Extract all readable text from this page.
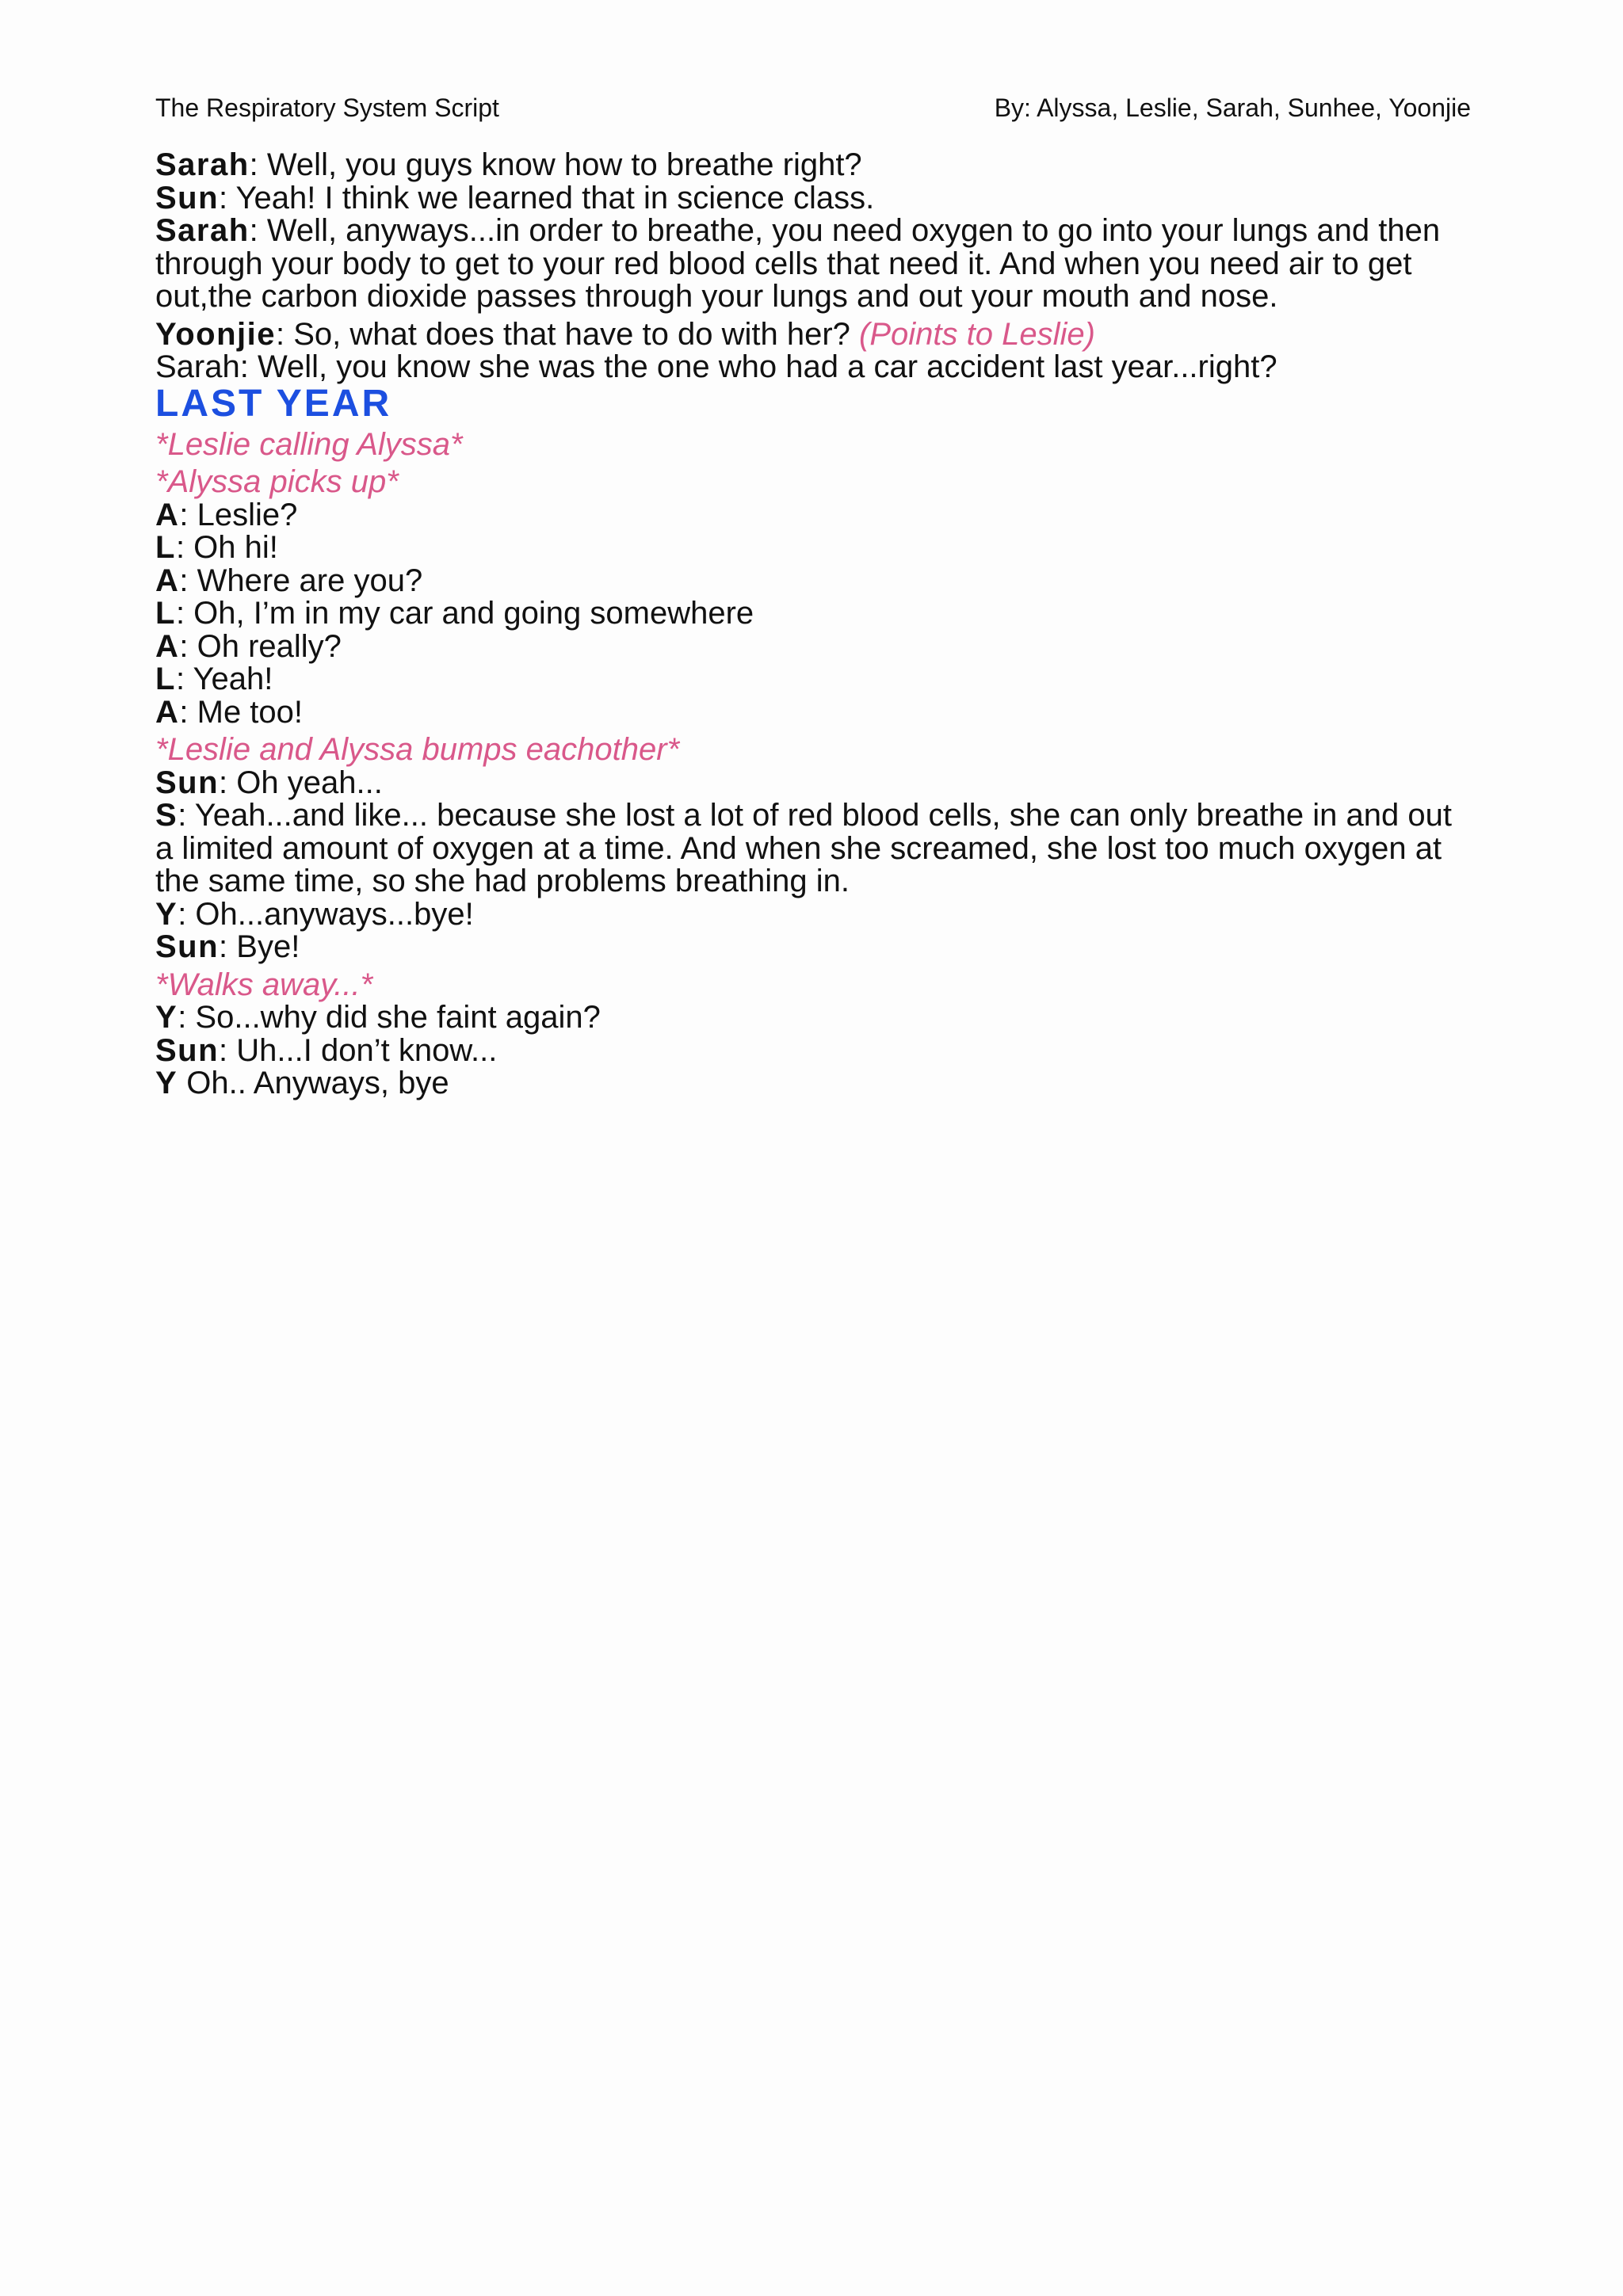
The Respiratory System Script	By: Alyssa, Leslie, Sarah, Sunhee, Yoonjie

Sarah: Well, you guys know how to breathe right?

Sun: Yeah! I think we learned that in science class.

Sarah: Well, anyways...in order to breathe, you need oxygen to go into your lungs and then through your body to get to your red blood cells that need it. And when you need air to get out,the carbon dioxide passes through your lungs and out your mouth and nose.

Yoonjie: So, what does that have to do with her? (Points to Leslie)

Sarah: Well, you know she was the one who had a car accident last year...right?

LAST YEAR

*Leslie calling Alyssa*

*Alyssa picks up*

A: Leslie?

L: Oh hi!

A: Where are you?

L: Oh, I’m in my car and going somewhere

A: Oh really?

L: Yeah!

A: Me too!

*Leslie and Alyssa bumps eachother*

Sun: Oh yeah...

S: Yeah...and like... because she lost a lot of red blood cells, she can only breathe in and out a limited amount of oxygen at a time. And when she screamed, she lost too much oxygen at the same time, so she had problems breathing in.

Y: Oh...anyways...bye!

Sun: Bye!

*Walks away...*

Y: So...why did she faint again?

Sun: Uh...I don’t know...

Y Oh.. Anyways, bye
